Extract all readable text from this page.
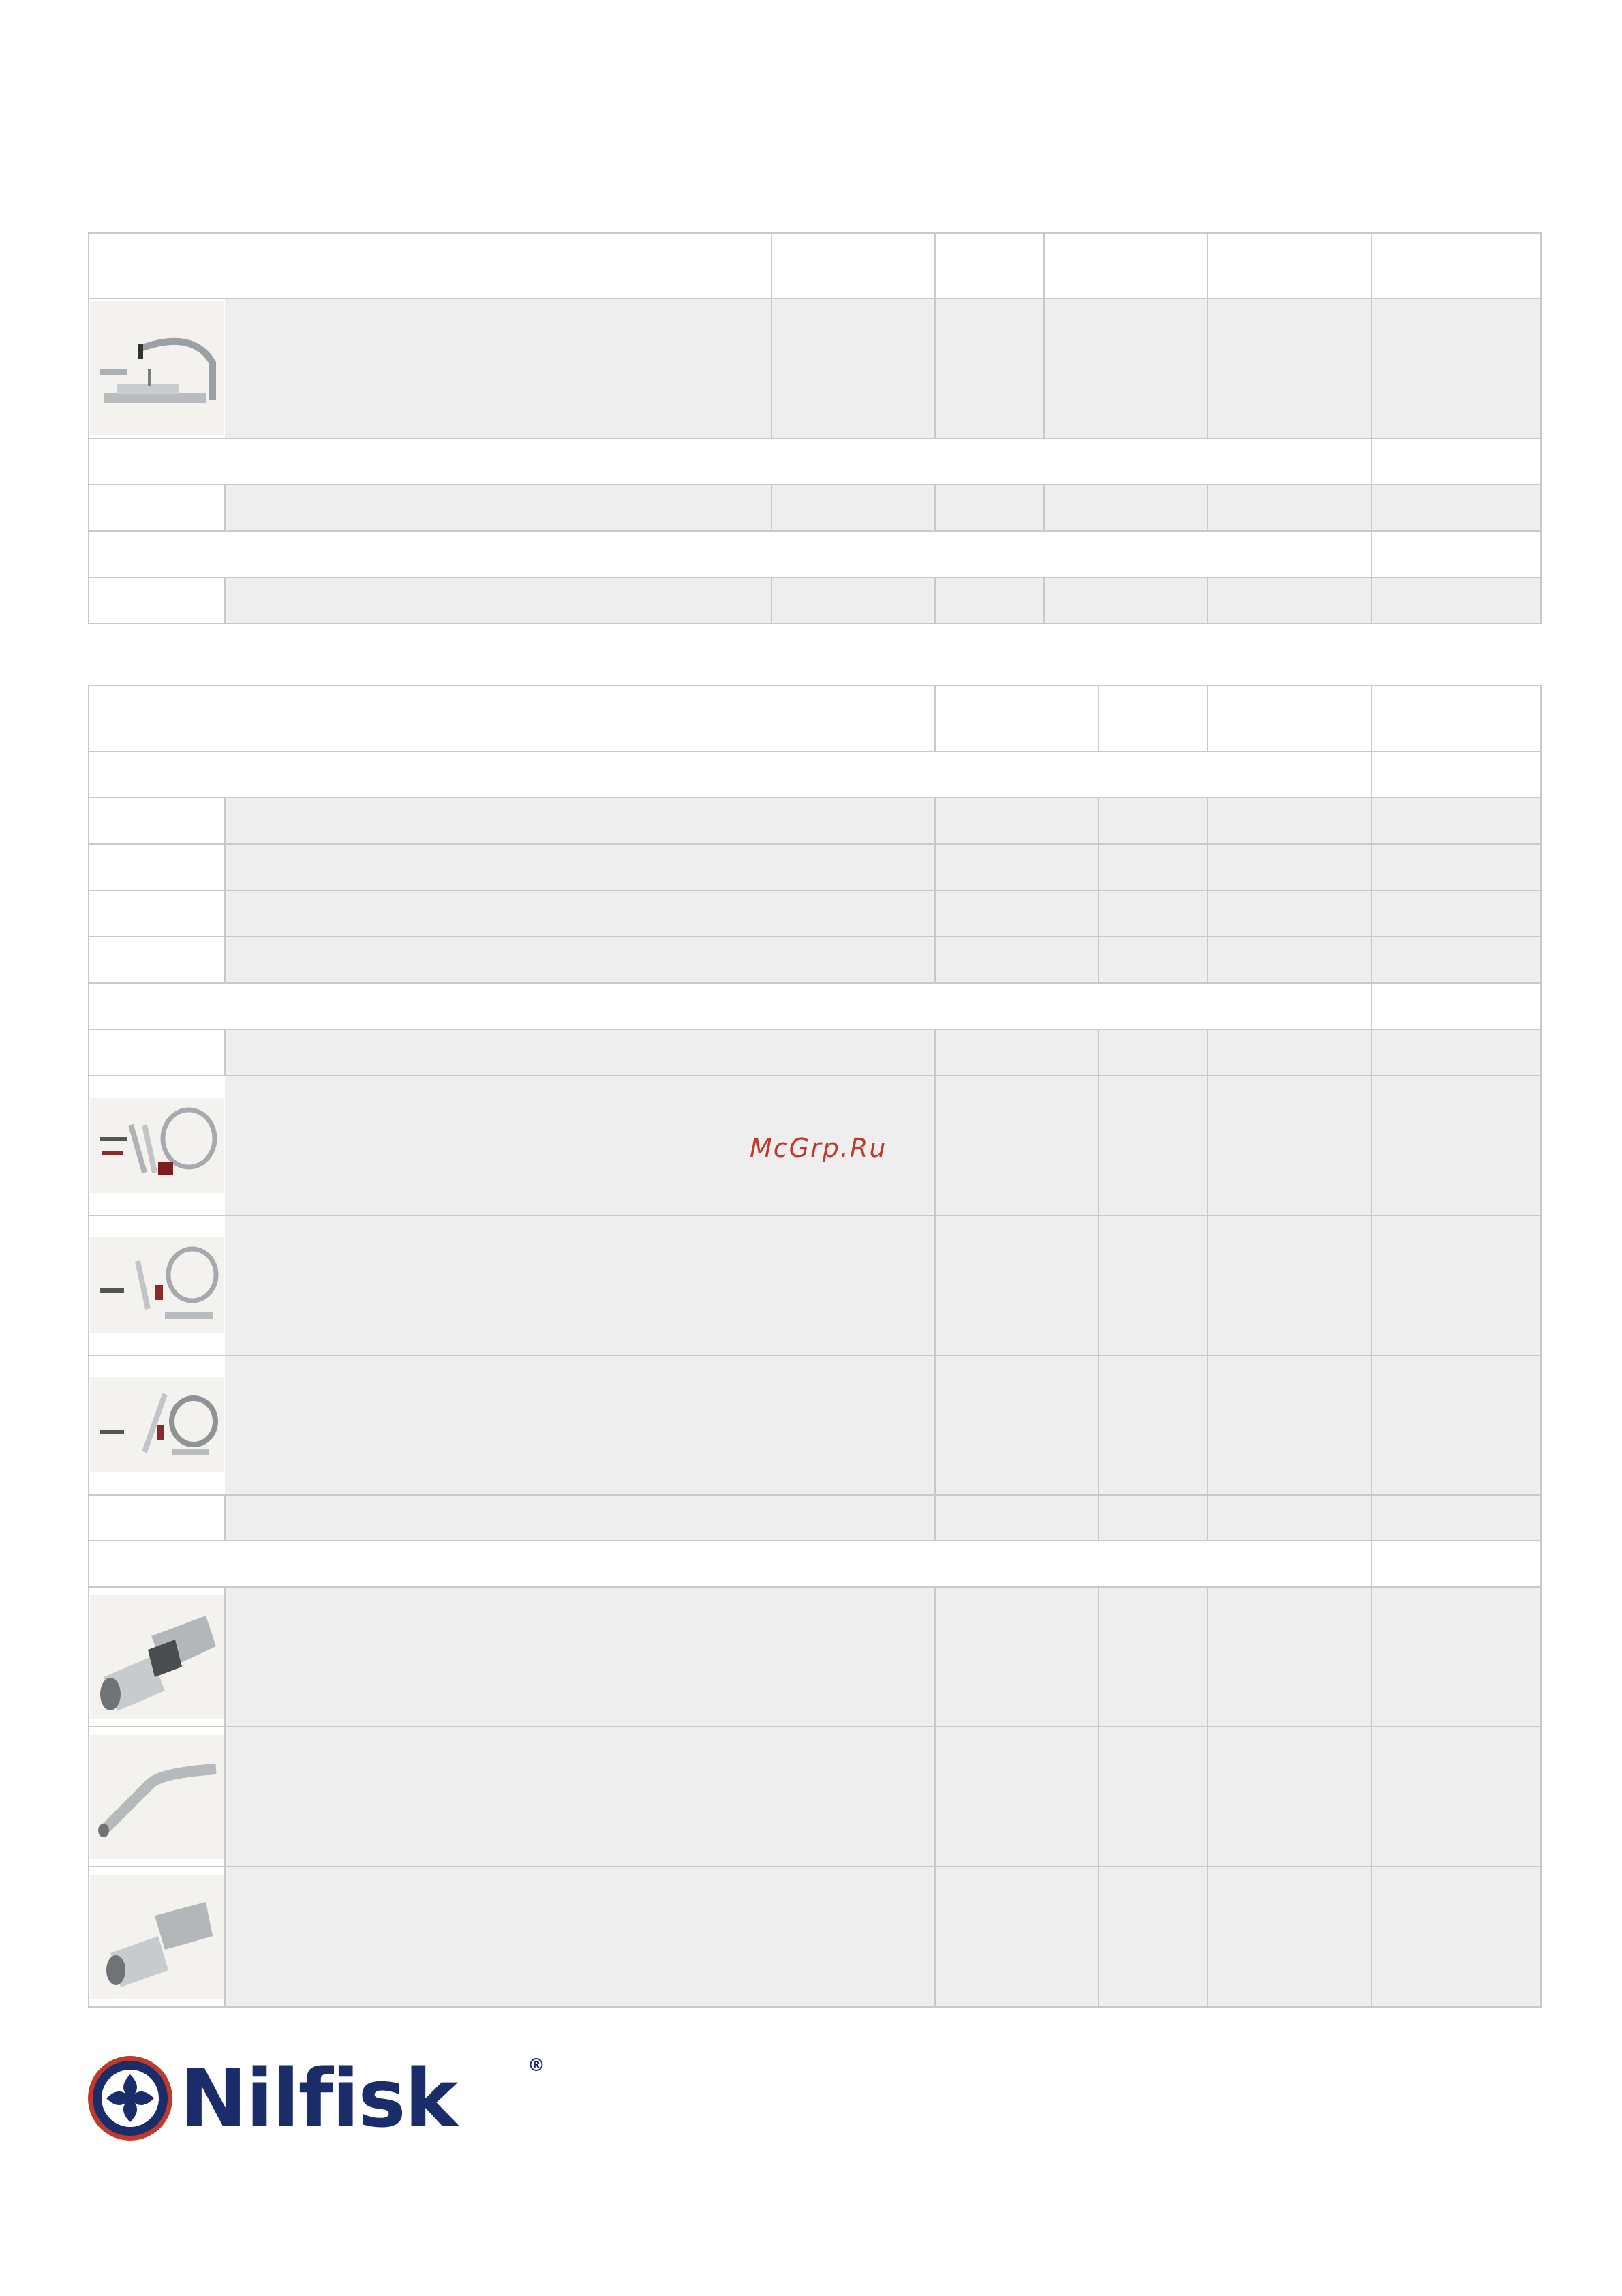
McGrp.Ru
Nilfisk	®
